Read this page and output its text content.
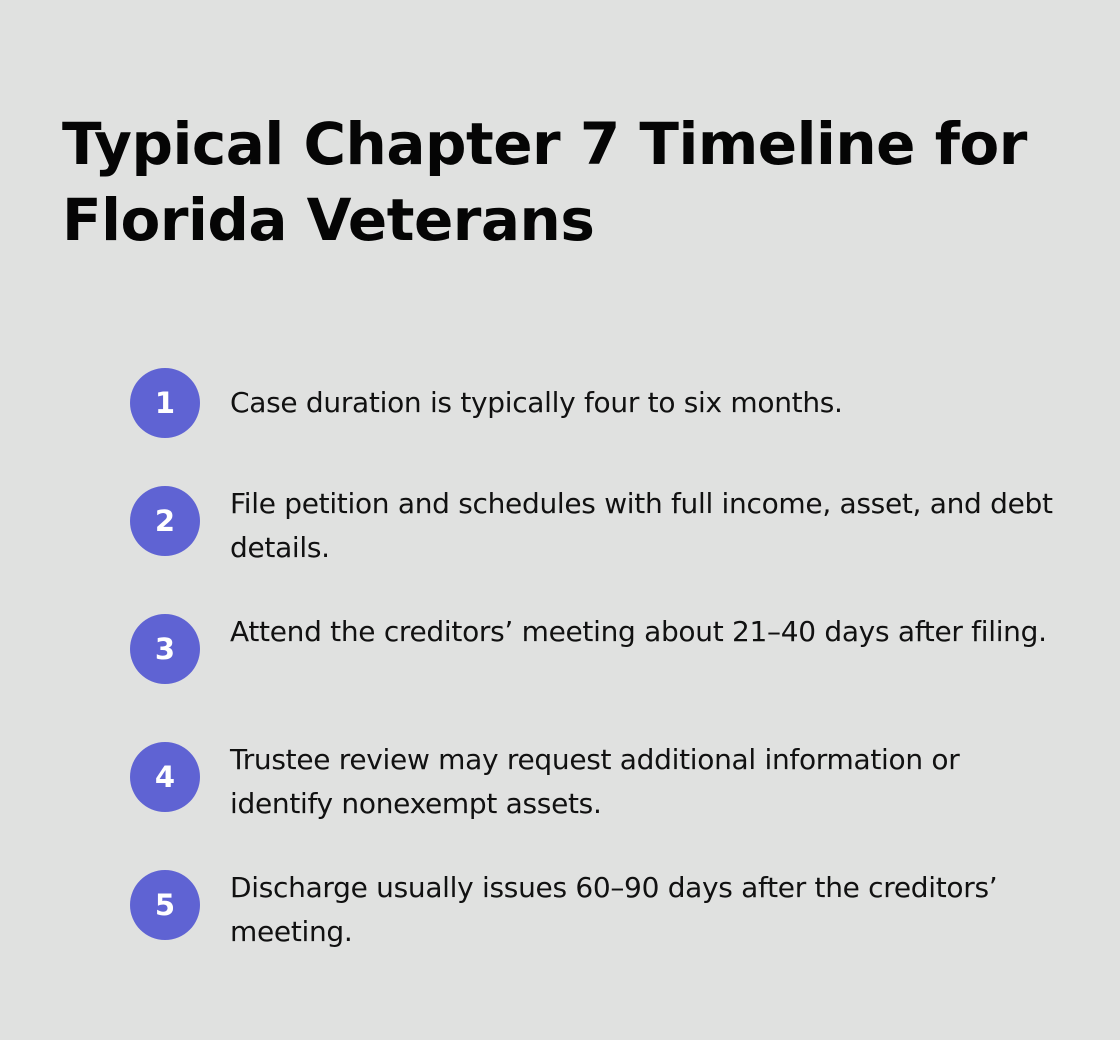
Typical Chapter 7 Timeline for Florida Veterans
1	Case duration is typically four to six months.
2
File petition and schedules with full income, asset, and debt details.
3
Attend the creditors’ meeting about 21–40 days after filing.
4
Trustee review may request additional information or identify nonexempt assets.
5
Discharge usually issues 60–90 days after the creditors’ meeting.
